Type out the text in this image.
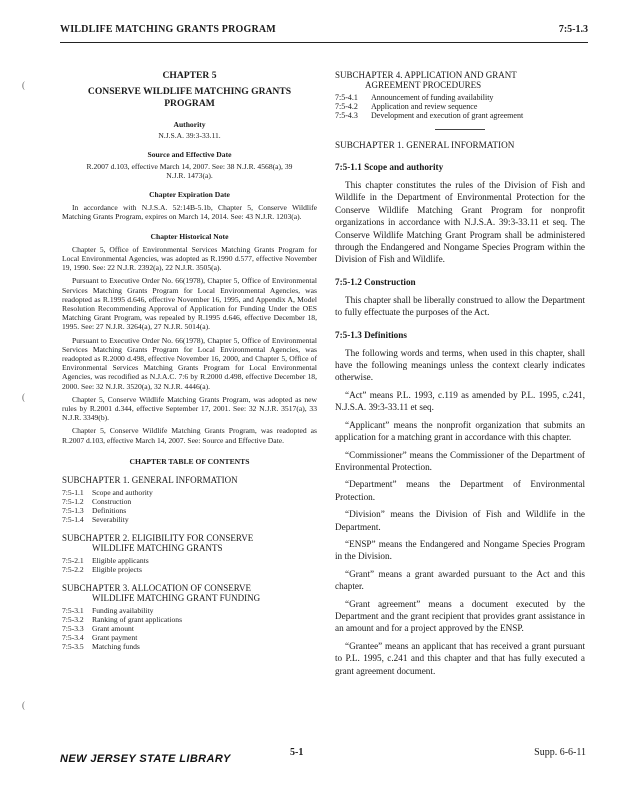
WILDLIFE MATCHING GRANTS PROGRAM	7:5-1.3
(
(
(
CHAPTER 5
CONSERVE WILDLIFE MATCHING GRANTS PROGRAM
Authority
N.J.S.A. 39:3-33.11.
Source and Effective Date
R.2007 d.103, effective March 14, 2007. See: 38 N.J.R. 4568(a), 39 N.J.R. 1473(a).
Chapter Expiration Date

In accordance with N.J.S.A. 52:14B-5.1b, Chapter 5, Conserve Wildlife Matching Grants Program, expires on March 14, 2014. See: 43 N.J.R. 1203(a).

Chapter Historical Note

Chapter 5, Office of Environmental Services Matching Grants Program for Local Environmental Agencies, was adopted as R.1990 d.577, effective November 19, 1990. See: 22 N.J.R. 2392(a), 22 N.J.R. 3505(a).

Pursuant to Executive Order No. 66(1978), Chapter 5, Office of Environmental Services Matching Grants Program for Local Environmental Agencies, was readopted as R.1995 d.646, effective November 16, 1995, and Appendix A, Model Resolution Recommending Approval of Application for Funding Under the OES Matching Grant Program, was repealed by R.1995 d.646, effective December 18, 1995. See: 27 N.J.R. 3264(a), 27 N.J.R. 5014(a).

Pursuant to Executive Order No. 66(1978), Chapter 5, Office of Environmental Services Matching Grants Program for Local Environmental Agencies, was readopted as R.2000 d.498, effective November 16, 2000, and Chapter 5, Office of Environmental Services Matching Grants Program for Local Environmental Agencies, was recodified as N.J.A.C. 7:6 by R.2000 d.498, effective December 18, 2000. See: 32 N.J.R. 3520(a), 32 N.J.R. 4446(a).

Chapter 5, Conserve Wildlife Matching Grants Program, was adopted as new rules by R.2001 d.344, effective September 17, 2001. See: 32 N.J.R. 3517(a), 33 N.J.R. 3349(b).

Chapter 5, Conserve Wildlife Matching Grants Program, was readopted as R.2007 d.103, effective March 14, 2007. See: Source and Effective Date.

CHAPTER TABLE OF CONTENTS
SUBCHAPTER 1. GENERAL INFORMATION
7:5-1.1	Scope and authority
7:5-1.2	Construction
7:5-1.3	Definitions
7:5-1.4	Severability
SUBCHAPTER 2. ELIGIBILITY FOR CONSERVE
WILDLIFE MATCHING GRANTS
7:5-2.1	Eligible applicants
7:5-2.2	Eligible projects
SUBCHAPTER 3. ALLOCATION OF CONSERVE
WILDLIFE MATCHING GRANT FUNDING
7:5-3.1	Funding availability
7:5-3.2	Ranking of grant applications
7:5-3.3	Grant amount
7:5-3.4	Grant payment
7:5-3.5	Matching funds
SUBCHAPTER 4. APPLICATION AND GRANT
AGREEMENT PROCEDURES
7:5-4.1	Announcement of funding availability
7:5-4.2	Application and review sequence
7:5-4.3	Development and execution of grant agreement
SUBCHAPTER 1. GENERAL INFORMATION
7:5-1.1 Scope and authority

This chapter constitutes the rules of the Division of Fish and Wildlife in the Department of Environmental Protection for the Conserve Wildlife Matching Grant Program for nonprofit organizations in accordance with N.J.S.A. 39:3-33.11 et seq. The Conserve Wildlife Matching Grant Program shall be administered through the Endangered and Nongame Species Program within the Division of Fish and Wildlife.

7:5-1.2 Construction

This chapter shall be liberally construed to allow the Department to fully effectuate the purposes of the Act.

7:5-1.3 Definitions

The following words and terms, when used in this chapter, shall have the following meanings unless the context clearly indicates otherwise.

“Act” means P.L. 1993, c.119 as amended by P.L. 1995, c.241, N.J.S.A. 39:3-33.11 et seq.

“Applicant” means the nonprofit organization that submits an application for a matching grant in accordance with this chapter.

“Commissioner” means the Commissioner of the Department of Environmental Protection.

“Department” means the Department of Environmental Protection.

“Division” means the Division of Fish and Wildlife in the Department.

“ENSP” means the Endangered and Nongame Species Program in the Division.

“Grant” means a grant awarded pursuant to the Act and this chapter.

“Grant agreement” means a document executed by the Department and the grant recipient that provides grant assistance in an amount and for a project approved by the ENSP.

“Grantee” means an applicant that has received a grant pursuant to P.L. 1995, c.241 and this chapter and that has fully executed a grant agreement document.

5-1	Supp. 6-6-11
NEW JERSEY STATE LIBRARY
